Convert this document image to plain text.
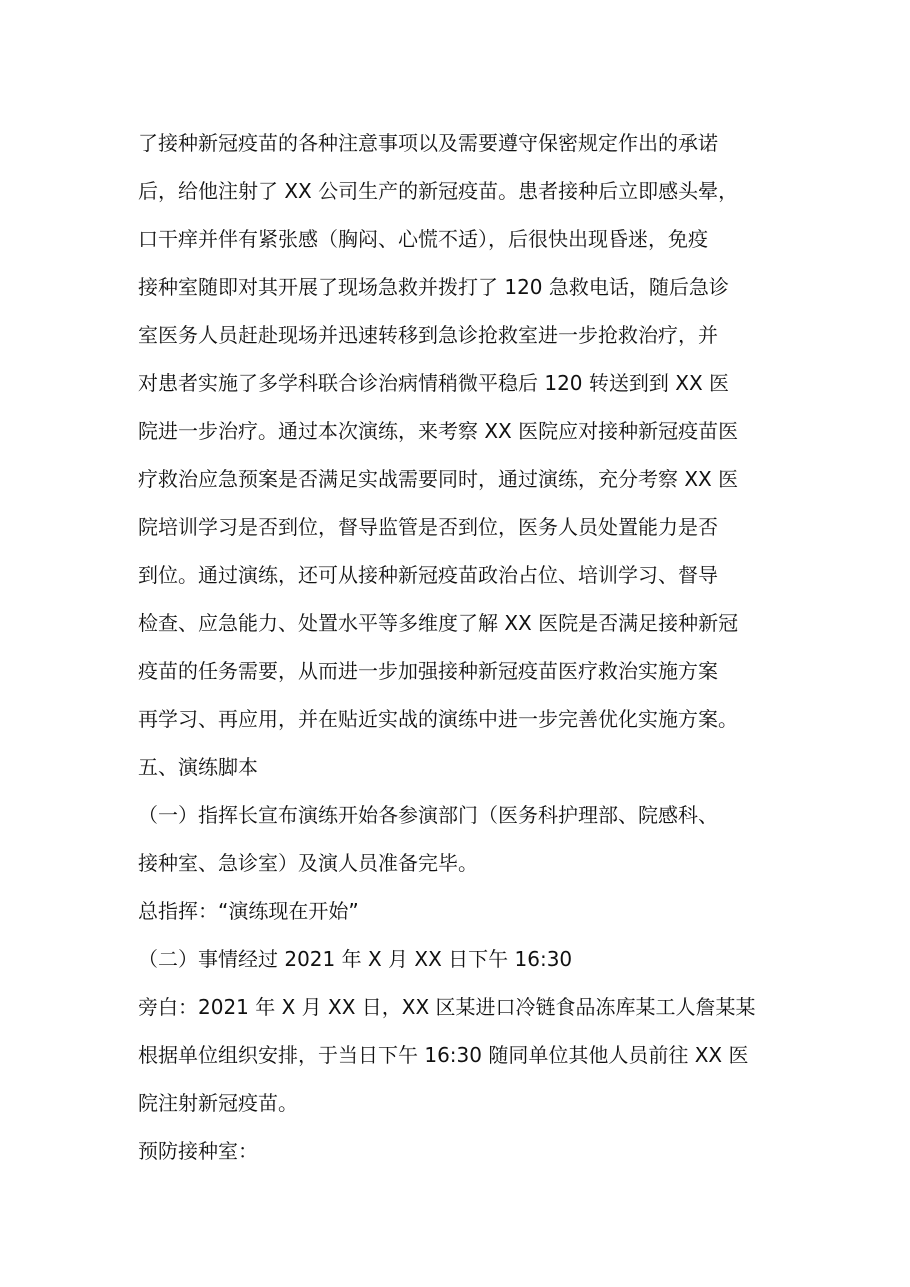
了接种新冠疫苗的各种注意事项以及需要遵守保密规定作出的承诺
后，给他注射了 XX 公司生产的新冠疫苗。患者接种后立即感头晕，
口干痒并伴有紧张感（胸闷、心慌不适），后很快出现昏迷，免疫
接种室随即对其开展了现场急救并拨打了 120 急救电话，随后急诊
室医务人员赶赴现场并迅速转移到急诊抢救室进一步抢救治疗，并
对患者实施了多学科联合诊治病情稍微平稳后 120 转送到到 XX 医
院进一步治疗。通过本次演练，来考察 XX 医院应对接种新冠疫苗医
疗救治应急预案是否满足实战需要同时，通过演练，充分考察 XX 医
院培训学习是否到位，督导监管是否到位，医务人员处置能力是否
到位。通过演练，还可从接种新冠疫苗政治占位、培训学习、督导
检查、应急能力、处置水平等多维度了解 XX 医院是否满足接种新冠
疫苗的任务需要，从而进一步加强接种新冠疫苗医疗救治实施方案
再学习、再应用，并在贴近实战的演练中进一步完善优化实施方案。
五、演练脚本
（一）指挥长宣布演练开始各参演部门（医务科护理部、院感科、
接种室、急诊室）及演人员准备完毕。
总指挥：“演练现在开始”
（二）事情经过 2021 年 X 月 XX 日下午 16:30
旁白：2021 年 X 月 XX 日，XX 区某进口冷链食品冻库某工人詹某某
根据单位组织安排，于当日下午 16:30 随同单位其他人员前往 XX 医
院注射新冠疫苗。
预防接种室：
